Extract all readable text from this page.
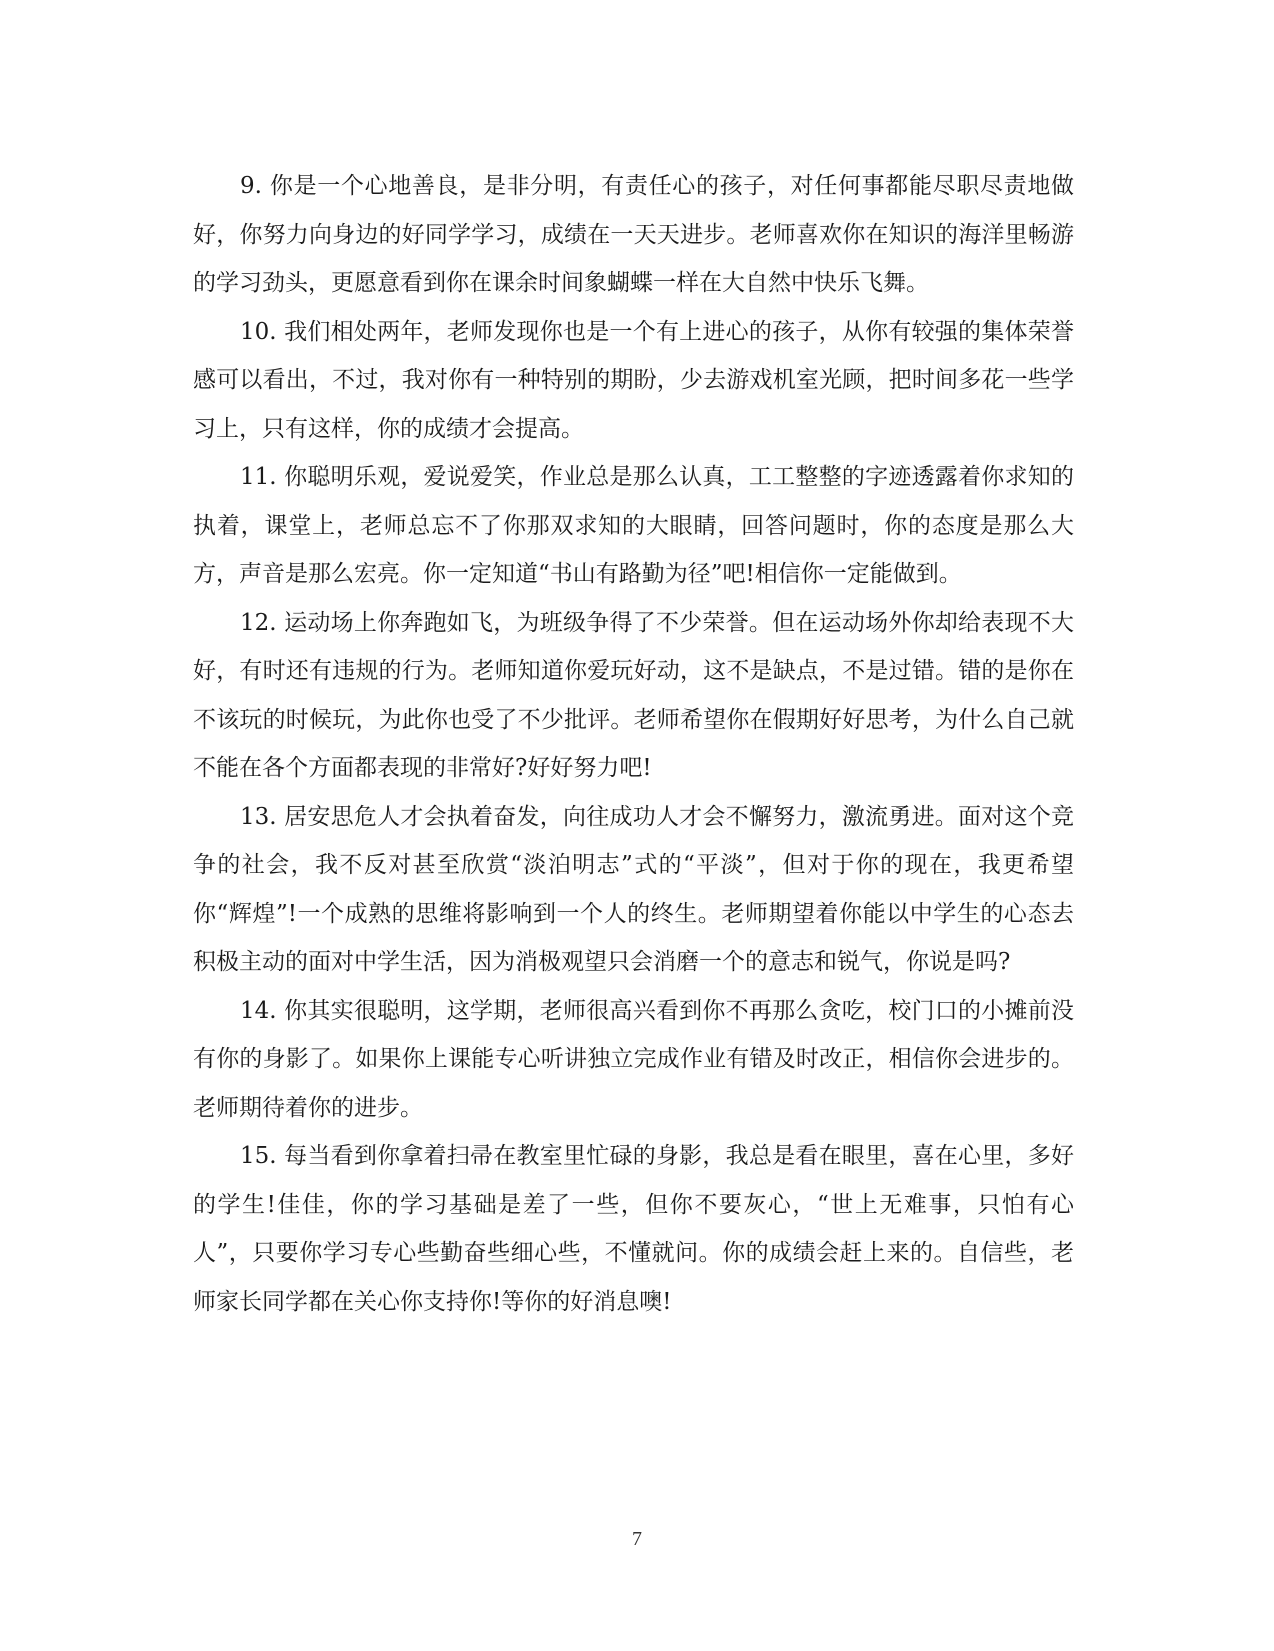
9. 你是一个心地善良，是非分明，有责任心的孩子，对任何事都能尽职尽责地做好，你努力向身边的好同学学习，成绩在一天天进步。老师喜欢你在知识的海洋里畅游的学习劲头，更愿意看到你在课余时间象蝴蝶一样在大自然中快乐飞舞。

10. 我们相处两年，老师发现你也是一个有上进心的孩子，从你有较强的集体荣誉感可以看出，不过，我对你有一种特别的期盼，少去游戏机室光顾，把时间多花一些学习上，只有这样，你的成绩才会提高。

11. 你聪明乐观，爱说爱笑，作业总是那么认真，工工整整的字迹透露着你求知的执着，课堂上，老师总忘不了你那双求知的大眼睛，回答问题时，你的态度是那么大方，声音是那么宏亮。你一定知道“书山有路勤为径”吧!相信你一定能做到。

12. 运动场上你奔跑如飞，为班级争得了不少荣誉。但在运动场外你却给表现不大好，有时还有违规的行为。老师知道你爱玩好动，这不是缺点，不是过错。错的是你在不该玩的时候玩，为此你也受了不少批评。老师希望你在假期好好思考，为什么自己就不能在各个方面都表现的非常好?好好努力吧!

13. 居安思危人才会执着奋发，向往成功人才会不懈努力，激流勇进。面对这个竞争的社会，我不反对甚至欣赏“淡泊明志”式的“平淡”，但对于你的现在，我更希望你“辉煌”!一个成熟的思维将影响到一个人的终生。老师期望着你能以中学生的心态去积极主动的面对中学生活，因为消极观望只会消磨一个的意志和锐气，你说是吗?

14. 你其实很聪明，这学期，老师很高兴看到你不再那么贪吃，校门口的小摊前没有你的身影了。如果你上课能专心听讲独立完成作业有错及时改正，相信你会进步的。老师期待着你的进步。

15. 每当看到你拿着扫帚在教室里忙碌的身影，我总是看在眼里，喜在心里，多好的学生!佳佳，你的学习基础是差了一些，但你不要灰心，“世上无难事，只怕有心人”，只要你学习专心些勤奋些细心些，不懂就问。你的成绩会赶上来的。自信些，老师家长同学都在关心你支持你!等你的好消息噢!

7
